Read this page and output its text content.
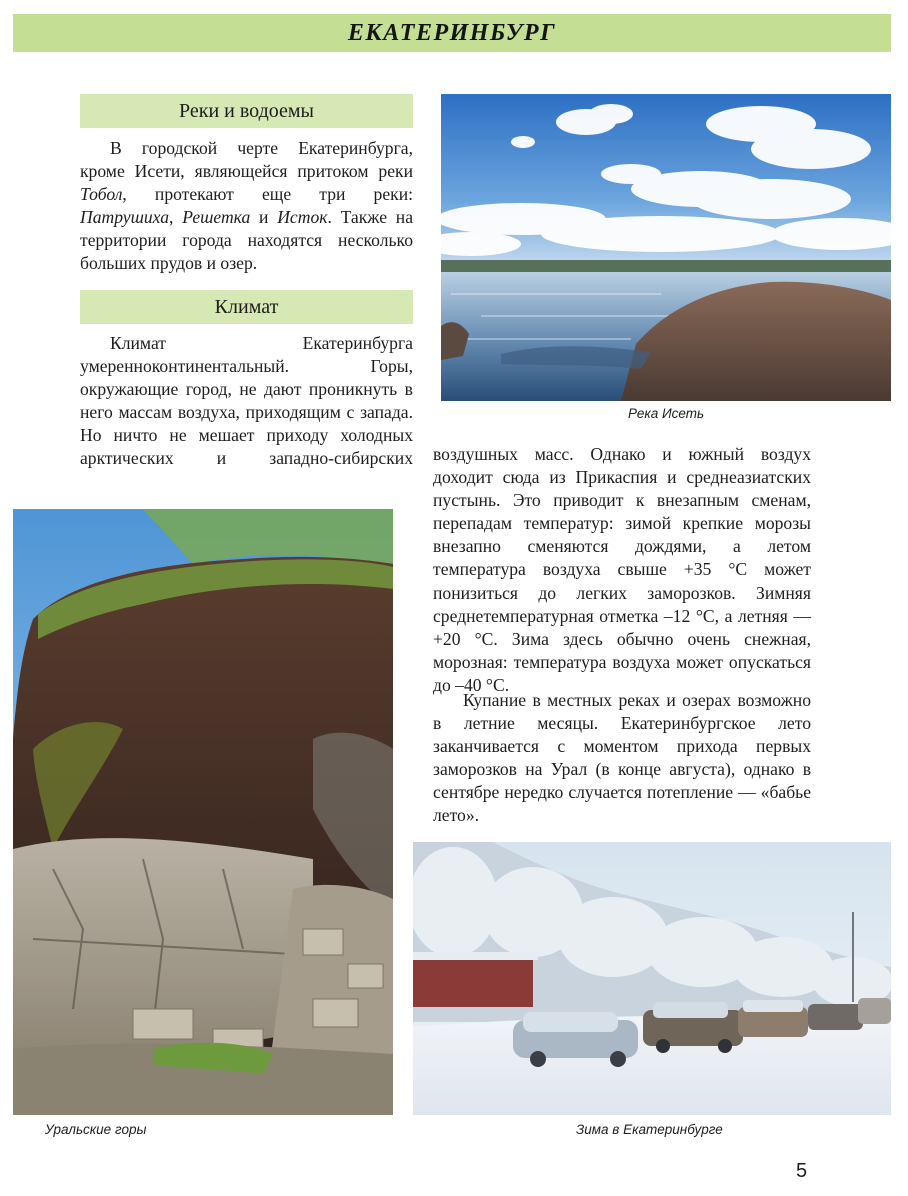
ЕКАТЕРИНБУРГ
Реки и водоемы

В городской черте Екатеринбурга, кроме Исети, являющейся притоком реки Тобол, протекают еще три реки: Патрушиха, Решетка и Исток. Также на территории города находятся несколько больших прудов и озер.

Климат

Климат Екатеринбурга умеренноконтинентальный. Горы, окружающие город, не дают проникнуть в него массам воздуха, приходящим с запада. Но ничто не мешает приходу холодных арктических и западно-сибирских воздушных масс. Однако и южный воздух доходит сюда из Прикаспия и среднеазиатских пустынь. Это приводит к внезапным сменам, перепадам температур: зимой крепкие морозы внезапно сменяются дождями, а летом температура воздуха свыше +35 °С может понизиться до легких заморозков. Зимняя среднетемпературная отметка –12 °С, а летняя — +20 °С. Зима здесь обычно очень снежная, морозная: температура воздуха может опускаться до –40 °С.

Купание в местных реках и озерах возможно в летние месяцы. Екатеринбургское лето заканчивается с моментом прихода первых заморозков на Урал (в конце августа), однако в сентябре нередко случается потепление — «бабье лето».

Река Исеть
Уральские горы	Зима в Екатеринбурге
5
